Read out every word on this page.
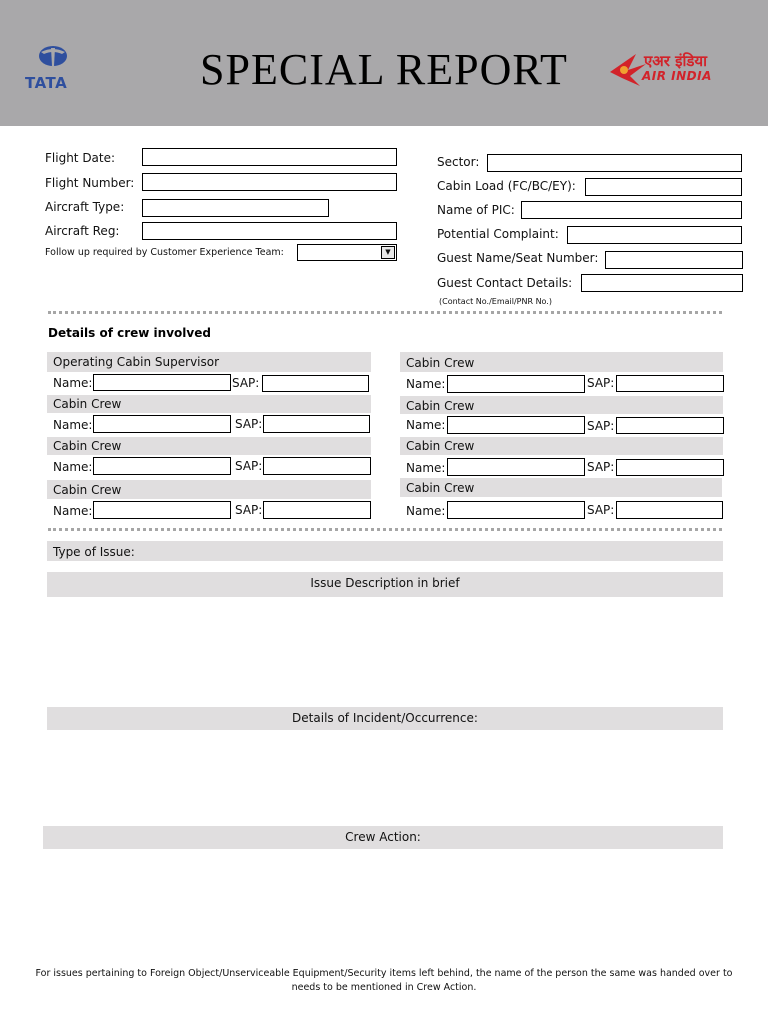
TATA	SPECIAL REPORT	एअर इंडिया
AIR INDIA
Flight Date:
Flight Number:
Aircraft Type:
Aircraft Reg:
Follow up required by Customer Experience Team:	▼
Sector:
Cabin Load (FC/BC/EY):
Name of PIC:
Potential Complaint:
Guest Name/Seat Number:
Guest Contact Details:
(Contact No./Email/PNR No.)
Details of crew involved
Operating Cabin Supervisor
Name:	SAP:
Cabin Crew
Name:	SAP:
Cabin Crew
Name:	SAP:
Cabin Crew
Name:	SAP:
Cabin Crew
Name:	SAP:
Cabin Crew
Name:	SAP:
Cabin Crew
Name:	SAP:
Cabin Crew
Name:	SAP:
Type of Issue:
Issue Description in brief
Details of Incident/Occurrence:
Crew Action:
For issues pertaining to Foreign Object/Unserviceable Equipment/Security items left behind, the name of the person the same was handed over to
needs to be mentioned in Crew Action.
